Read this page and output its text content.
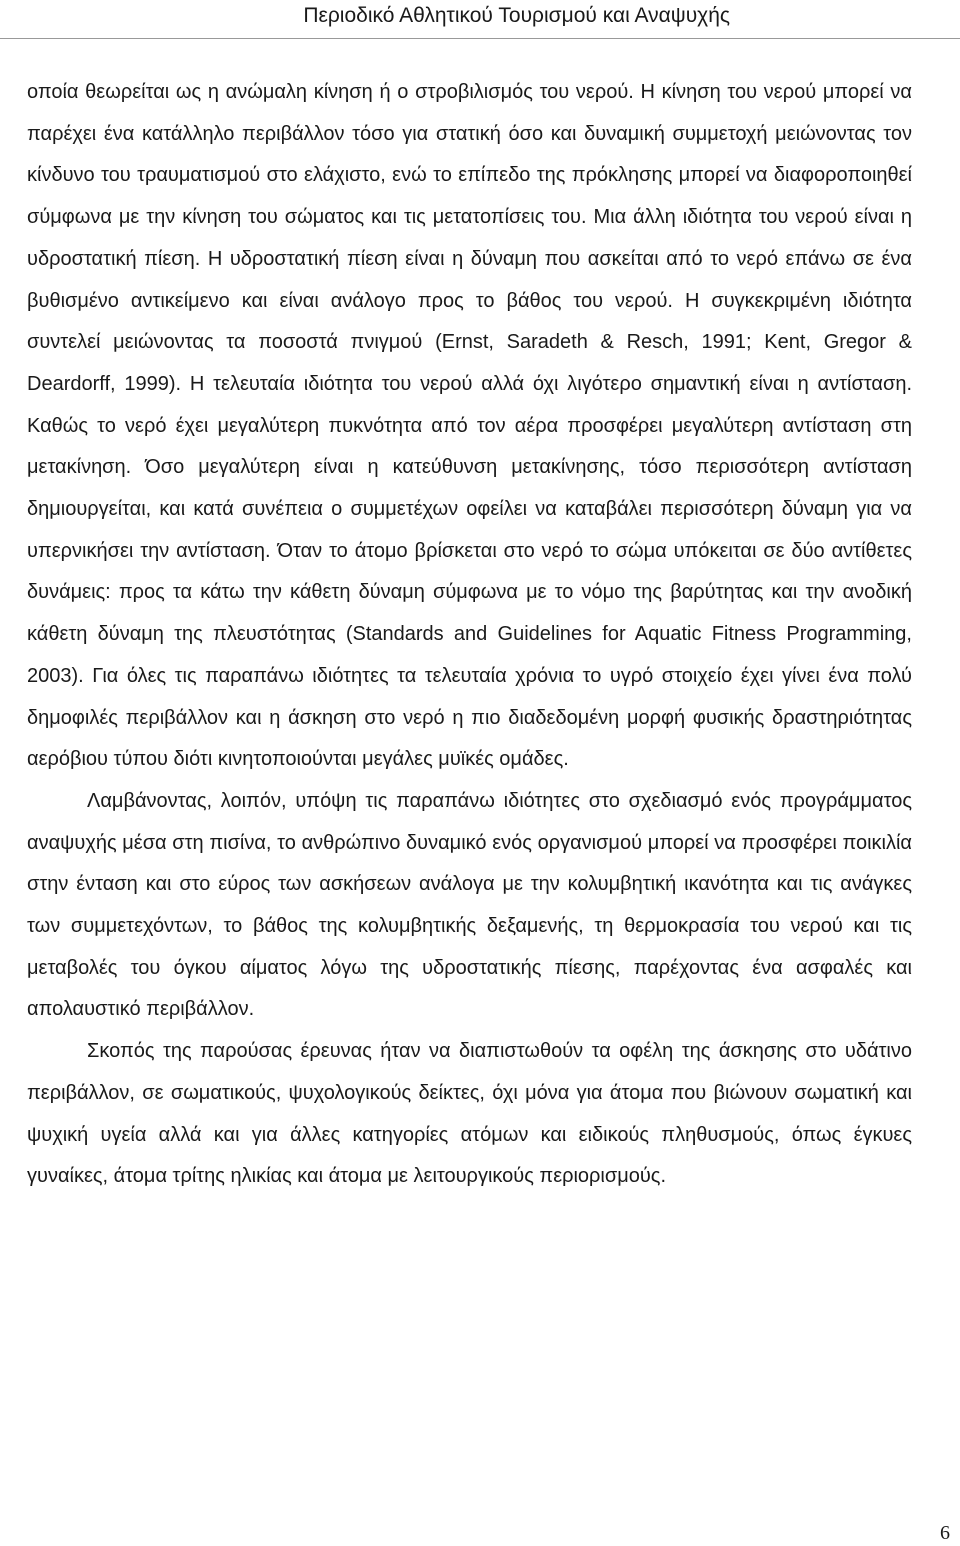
Περιοδικό Αθλητικού Τουρισμού και Αναψυχής

οποία θεωρείται ως η ανώμαλη κίνηση ή ο στροβιλισμός του νερού. Η κίνηση του νερού μπορεί να παρέχει ένα κατάλληλο περιβάλλον τόσο για στατική όσο και δυναμική συμμετοχή μειώνοντας τον κίνδυνο του τραυματισμού στο ελάχιστο, ενώ το επίπεδο της πρόκλησης μπορεί να διαφοροποιηθεί σύμφωνα με την κίνηση του σώματος και τις μετατοπίσεις του. Μια άλλη ιδιότητα του νερού είναι η υδροστατική πίεση. Η υδροστατική πίεση είναι η δύναμη που ασκείται από το νερό επάνω σε ένα βυθισμένο αντικείμενο και είναι ανάλογο προς το βάθος του νερού. Η συγκεκριμένη ιδιότητα συντελεί μειώνοντας τα ποσοστά πνιγμού (Ernst, Saradeth & Resch, 1991; Kent, Gregor & Deardorff, 1999). Η τελευταία ιδιότητα του νερού αλλά όχι λιγότερο σημαντική είναι η αντίσταση. Καθώς το νερό έχει μεγαλύτερη πυκνότητα από τον αέρα προσφέρει μεγαλύτερη αντίσταση στη μετακίνηση. Όσο μεγαλύτερη είναι η κατεύθυνση μετακίνησης, τόσο περισσότερη αντίσταση δημιουργείται, και κατά συνέπεια ο συμμετέχων οφείλει να καταβάλει περισσότερη δύναμη για να υπερνικήσει την αντίσταση. Όταν το άτομο βρίσκεται στο νερό το σώμα υπόκειται σε δύο αντίθετες δυνάμεις: προς τα κάτω την κάθετη δύναμη σύμφωνα με το νόμο της βαρύτητας και την ανοδική κάθετη δύναμη της πλευστότητας (Standards and Guidelines for Aquatic Fitness Programming, 2003). Για όλες τις παραπάνω ιδιότητες τα τελευταία χρόνια το υγρό στοιχείο έχει γίνει ένα πολύ δημοφιλές περιβάλλον και η άσκηση στο νερό η πιο διαδεδομένη μορφή φυσικής δραστηριότητας αερόβιου τύπου διότι κινητοποιούνται μεγάλες μυϊκές ομάδες.

Λαμβάνοντας, λοιπόν, υπόψη τις παραπάνω ιδιότητες στο σχεδιασμό ενός προγράμματος αναψυχής μέσα στη πισίνα, το ανθρώπινο δυναμικό ενός οργανισμού μπορεί να προσφέρει ποικιλία στην ένταση και στο εύρος των ασκήσεων ανάλογα με την κολυμβητική ικανότητα και τις ανάγκες των συμμετεχόντων, το βάθος της κολυμβητικής δεξαμενής, τη θερμοκρασία του νερού και τις μεταβολές του όγκου αίματος λόγω της υδροστατικής πίεσης, παρέχοντας ένα ασφαλές και απολαυστικό περιβάλλον.

Σκοπός της παρούσας έρευνας ήταν να διαπιστωθούν τα οφέλη της άσκησης στο υδάτινο περιβάλλον, σε σωματικούς, ψυχολογικούς δείκτες, όχι μόνα για άτομα που βιώνουν σωματική και ψυχική υγεία αλλά και για άλλες κατηγορίες ατόμων και ειδικούς πληθυσμούς, όπως έγκυες γυναίκες, άτομα τρίτης ηλικίας και άτομα με λειτουργικούς περιορισμούς.

6
